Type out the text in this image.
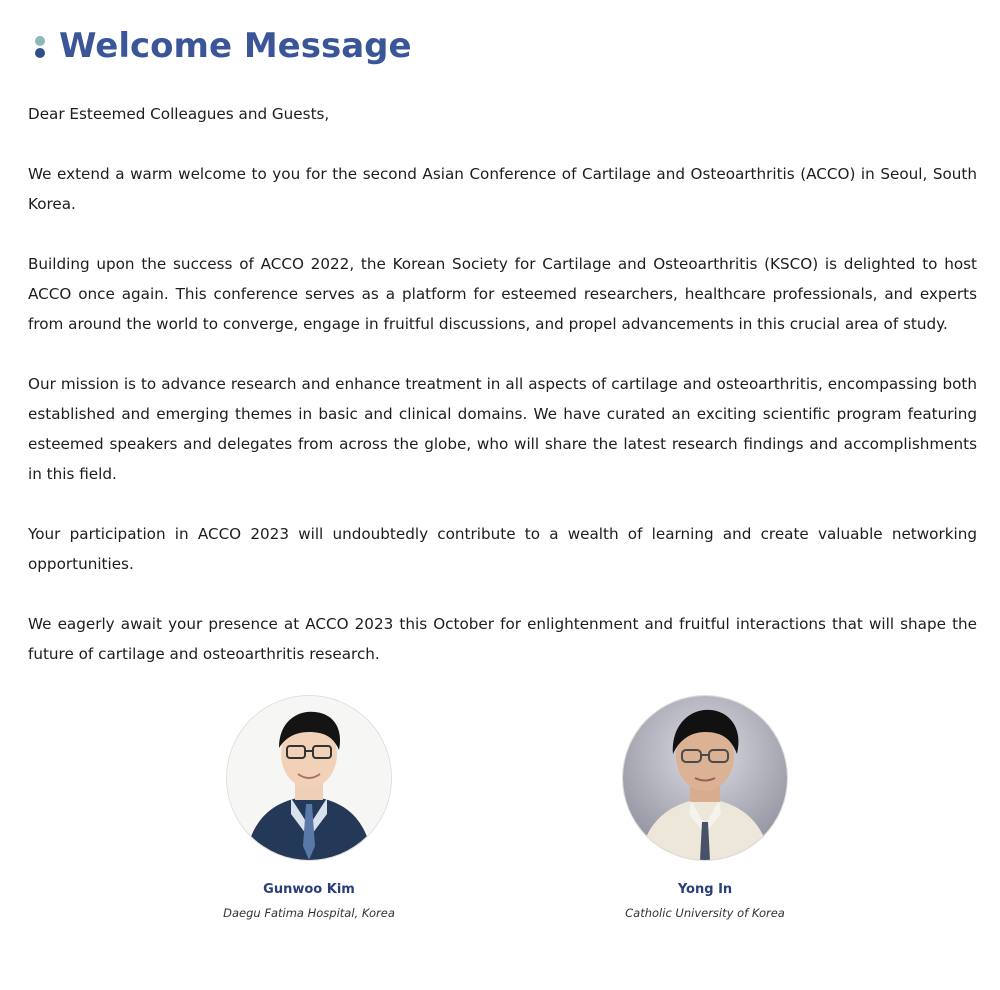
Welcome Message

Dear Esteemed Colleagues and Guests,

We extend a warm welcome to you for the second Asian Conference of Cartilage and Osteoarthritis (ACCO) in Seoul, South Korea.

Building upon the success of ACCO 2022, the Korean Society for Cartilage and Osteoarthritis (KSCO) is delighted to host ACCO once again. This conference serves as a platform for esteemed researchers, healthcare professionals, and experts from around the world to converge, engage in fruitful discussions, and propel advancements in this crucial area of study.

Our mission is to advance research and enhance treatment in all aspects of cartilage and osteoarthritis, encompassing both established and emerging themes in basic and clinical domains. We have curated an exciting scientific program featuring esteemed speakers and delegates from across the globe, who will share the latest research findings and accomplishments in this field.

Your participation in ACCO 2023 will undoubtedly contribute to a wealth of learning and create valuable networking opportunities.

We eagerly await your presence at ACCO 2023 this October for enlightenment and fruitful interactions that will shape the future of cartilage and osteoarthritis research.

Gunwoo Kim
Daegu Fatima Hospital, Korea
Yong In
Catholic University of Korea
